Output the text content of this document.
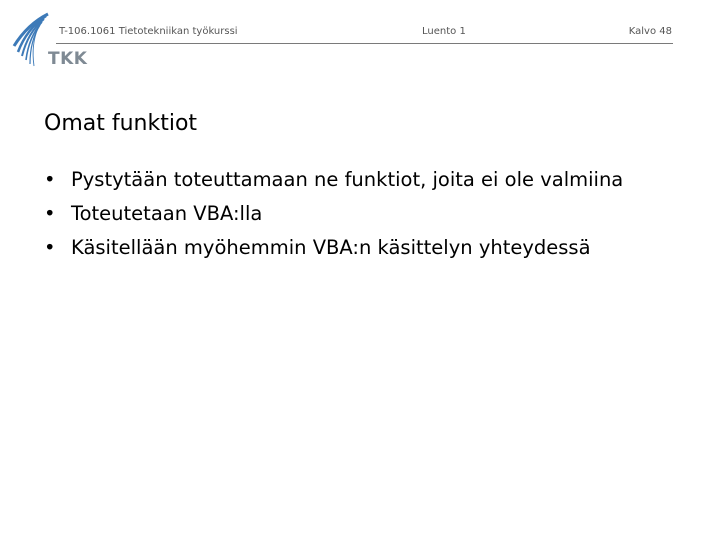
TKK
T-106.1061 Tietotekniikan työkurssi	Luento 1	Kalvo 48
Omat funktiot
• Pystytään toteuttamaan ne funktiot, joita ei ole valmiina
• Toteutetaan VBA:lla
• Käsitellään myöhemmin VBA:n käsittelyn yhteydessä
